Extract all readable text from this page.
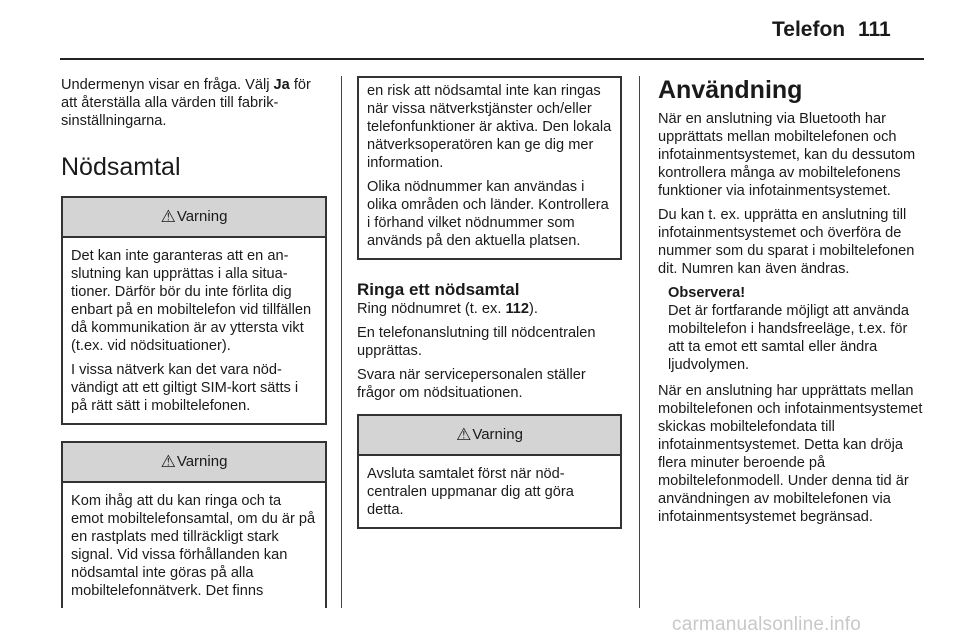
Telefon 111

Undermenyn visar en fråga. Välj Ja för att återställa alla värden till fabriksinställningarna.

Nödsamtal
⚠ Varning

Det kan inte garanteras att en anslutning kan upprättas i alla situationer. Därför bör du inte förlita dig enbart på en mobiltelefon vid tillfällen då kommunikation är av yttersta vikt (t.ex. vid nödsituationer).

I vissa nätverk kan det vara nödvändigt att ett giltigt SIM-kort sätts i på rätt sätt i mobiltelefonen.

⚠ Varning

Kom ihåg att du kan ringa och ta emot mobiltelefonsamtal, om du är på en rastplats med tillräckligt stark signal. Vid vissa förhållanden kan nödsamtal inte göras på alla mobiltelefonnätverk. Det finns

en risk att nödsamtal inte kan ringas när vissa nätverkstjänster och/eller telefonfunktioner är aktiva. Den lokala nätverksoperatören kan ge dig mer information.

Olika nödnummer kan användas i olika områden och länder. Kontrollera i förhand vilket nödnummer som används på den aktuella platsen.

Ringa ett nödsamtal

Ring nödnumret (t. ex. 112).

En telefonanslutning till nödcentralen upprättas.

Svara när servicepersonalen ställer frågor om nödsituationen.

⚠ Varning

Avsluta samtalet först när nödcentralen uppmanar dig att göra detta.

Användning

När en anslutning via Bluetooth har upprättats mellan mobiltelefonen och infotainmentsystemet, kan du dessutom kontrollera många av mobiltelefonens funktioner via infotainmentsystemet.

Du kan t. ex. upprätta en anslutning till infotainmentsystemet och överföra de nummer som du sparat i mobiltelefonen dit. Numren kan även ändras.

Observera!
Det är fortfarande möjligt att använda mobiltelefon i handsfreeläge, t.ex. för att ta emot ett samtal eller ändra ljudvolymen.

När en anslutning har upprättats mellan mobiltelefonen och infotainmentsystemet skickas mobiltelefondata till infotainmentsystemet. Detta kan dröja flera minuter beroende på mobiltelefonmodell. Under denna tid är användningen av mobiltelefonen via infotainmentsystemet begränsad.

carmanualsonline.info
